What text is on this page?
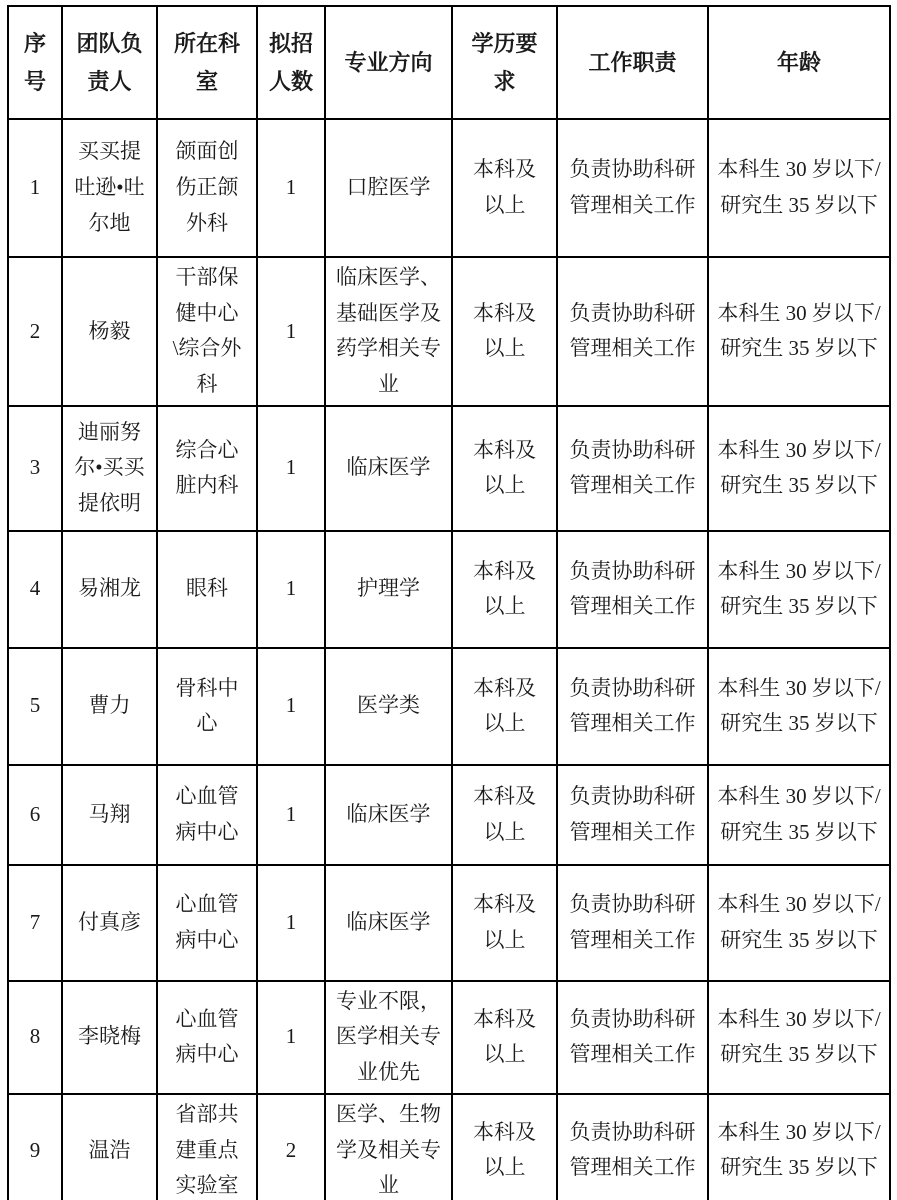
序号	团队负责人	所在科室	拟招人数	专业方向	学历要求	工作职责	年龄
1	买买提吐逊•吐尔地	颌面创伤正颌外科	1	口腔医学	本科及以上	负责协助科研管理相关工作	本科生 30 岁以下/研究生 35 岁以下
2	杨毅	干部保健中心\综合外科	1	临床医学、基础医学及药学相关专业	本科及以上	负责协助科研管理相关工作	本科生 30 岁以下/研究生 35 岁以下
3	迪丽努尔•买买提依明	综合心脏内科	1	临床医学	本科及以上	负责协助科研管理相关工作	本科生 30 岁以下/研究生 35 岁以下
4	易湘龙	眼科	1	护理学	本科及以上	负责协助科研管理相关工作	本科生 30 岁以下/研究生 35 岁以下
5	曹力	骨科中心	1	医学类	本科及以上	负责协助科研管理相关工作	本科生 30 岁以下/研究生 35 岁以下
6	马翔	心血管病中心	1	临床医学	本科及以上	负责协助科研管理相关工作	本科生 30 岁以下/研究生 35 岁以下
7	付真彦	心血管病中心	1	临床医学	本科及以上	负责协助科研管理相关工作	本科生 30 岁以下/研究生 35 岁以下
8	李晓梅	心血管病中心	1	专业不限，医学相关专业优先	本科及以上	负责协助科研管理相关工作	本科生 30 岁以下/研究生 35 岁以下
9	温浩	省部共建重点实验室	2	医学、生物学及相关专业	本科及以上	负责协助科研管理相关工作	本科生 30 岁以下/研究生 35 岁以下
